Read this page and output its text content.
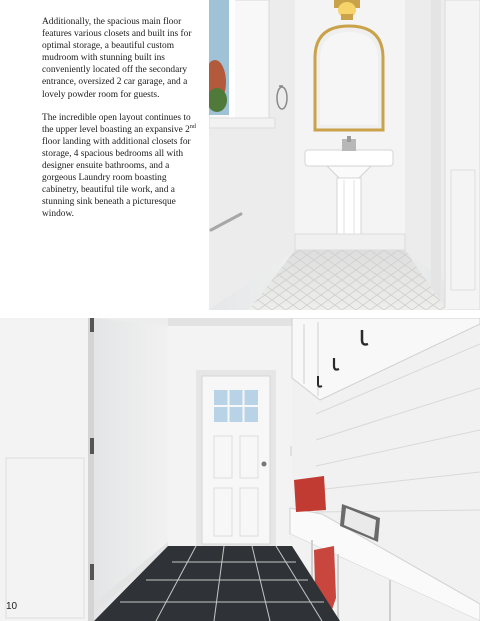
Additionally, the spacious main floor features various closets and built ins for optimal storage, a beautiful custom mudroom with stunning built ins conveniently located off the secondary entrance, oversized 2 car garage, and a lovely powder room for guests.

The incredible open layout continues to the upper level boasting an expansive 2nd floor landing with additional closets for storage, 4 spacious bedrooms all with designer ensuite bathrooms, and a gorgeous Laundry room boasting cabinetry, beautiful tile work, and a stunning sink beneath a picturesque window.

10
